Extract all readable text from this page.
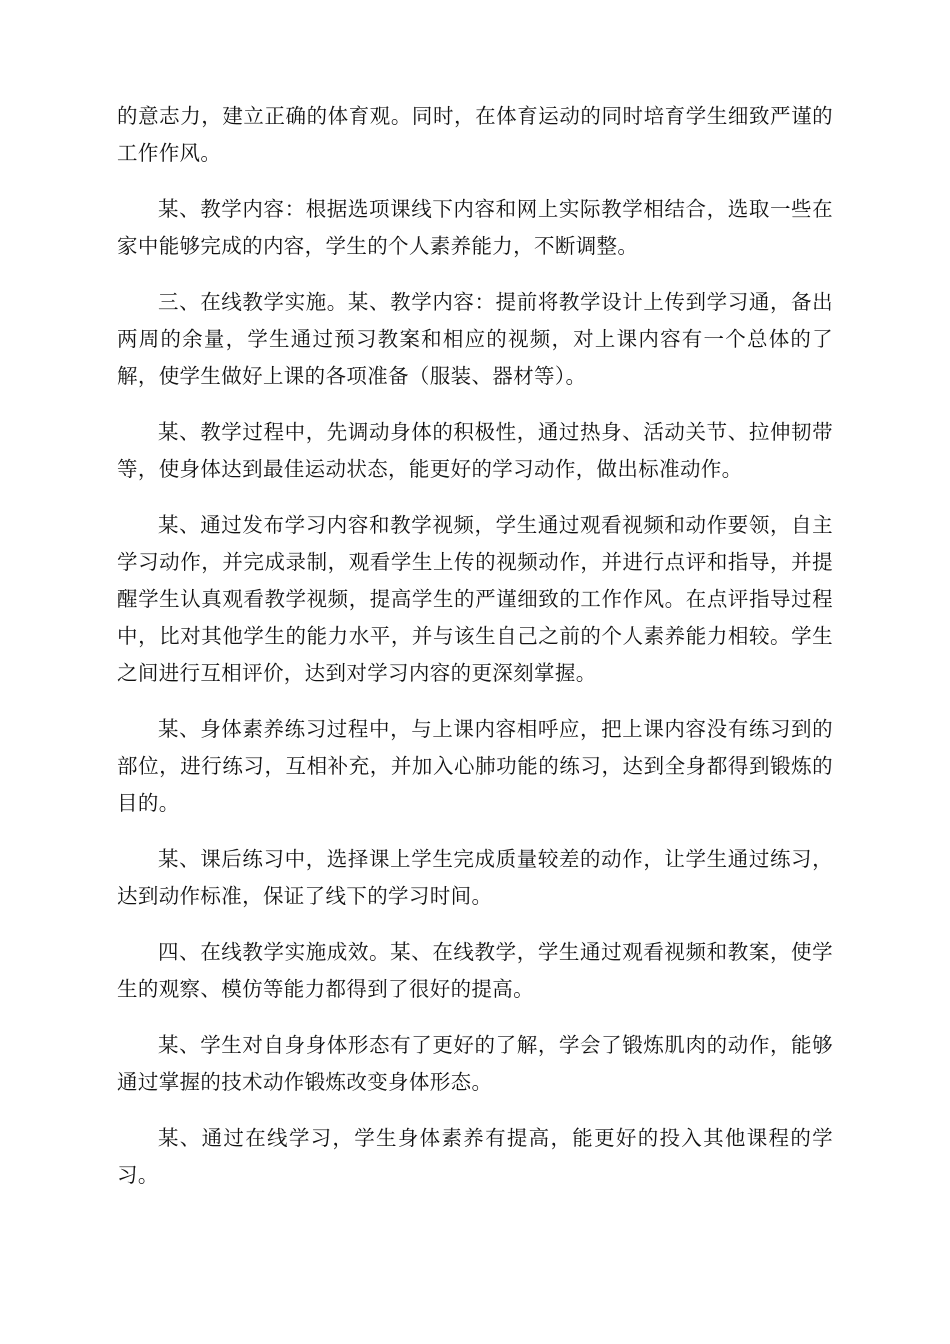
的意志力，建立正确的体育观。同时，在体育运动的同时培育学生细致严谨的工作作风。

某、教学内容：根据选项课线下内容和网上实际教学相结合，选取一些在家中能够完成的内容，学生的个人素养能力，不断调整。

三、在线教学实施。某、教学内容：提前将教学设计上传到学习通，备出两周的余量，学生通过预习教案和相应的视频，对上课内容有一个总体的了解，使学生做好上课的各项准备（服装、器材等）。

某、教学过程中，先调动身体的积极性，通过热身、活动关节、拉伸韧带等，使身体达到最佳运动状态，能更好的学习动作，做出标准动作。

某、通过发布学习内容和教学视频，学生通过观看视频和动作要领，自主学习动作，并完成录制，观看学生上传的视频动作，并进行点评和指导，并提醒学生认真观看教学视频，提高学生的严谨细致的工作作风。在点评指导过程中，比对其他学生的能力水平，并与该生自己之前的个人素养能力相较。学生之间进行互相评价，达到对学习内容的更深刻掌握。

某、身体素养练习过程中，与上课内容相呼应，把上课内容没有练习到的部位，进行练习，互相补充，并加入心肺功能的练习，达到全身都得到锻炼的目的。

某、课后练习中，选择课上学生完成质量较差的动作，让学生通过练习，达到动作标准，保证了线下的学习时间。

四、在线教学实施成效。某、在线教学，学生通过观看视频和教案，使学生的观察、模仿等能力都得到了很好的提高。

某、学生对自身身体形态有了更好的了解，学会了锻炼肌肉的动作，能够通过掌握的技术动作锻炼改变身体形态。

某、通过在线学习，学生身体素养有提高，能更好的投入其他课程的学习。
